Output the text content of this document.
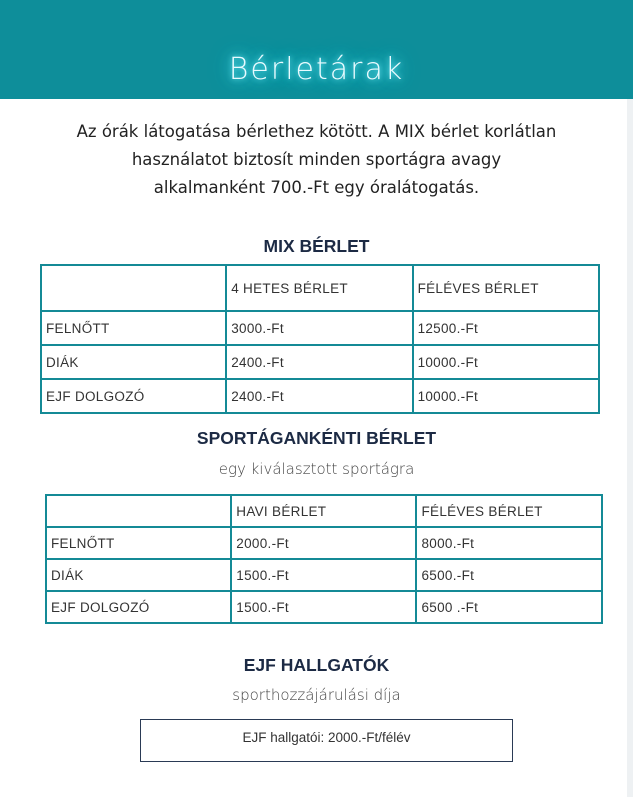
Bérletárak
Az órák látogatása bérlethez kötött. A MIX bérlet korlátlan
használatot biztosít minden sportágra avagy
alkalmanként 700.-Ft egy óralátogatás.
MIX BÉRLET
	4 HETES BÉRLET	FÉLÉVES BÉRLET
FELNŐTT	3000.-Ft	12500.-Ft
DIÁK	2400.-Ft	10000.-Ft
EJF DOLGOZÓ	2400.-Ft	10000.-Ft
SPORTÁGANKÉNTI BÉRLET
egy kiválasztott sportágra
	HAVI BÉRLET	FÉLÉVES BÉRLET
FELNŐTT	2000.-Ft	8000.-Ft
DIÁK	1500.-Ft	6500.-Ft
EJF DOLGOZÓ	1500.-Ft	6500 .-Ft
EJF HALLGATÓK
sporthozzájárulási díja
EJF hallgatói: 2000.-Ft/félév
